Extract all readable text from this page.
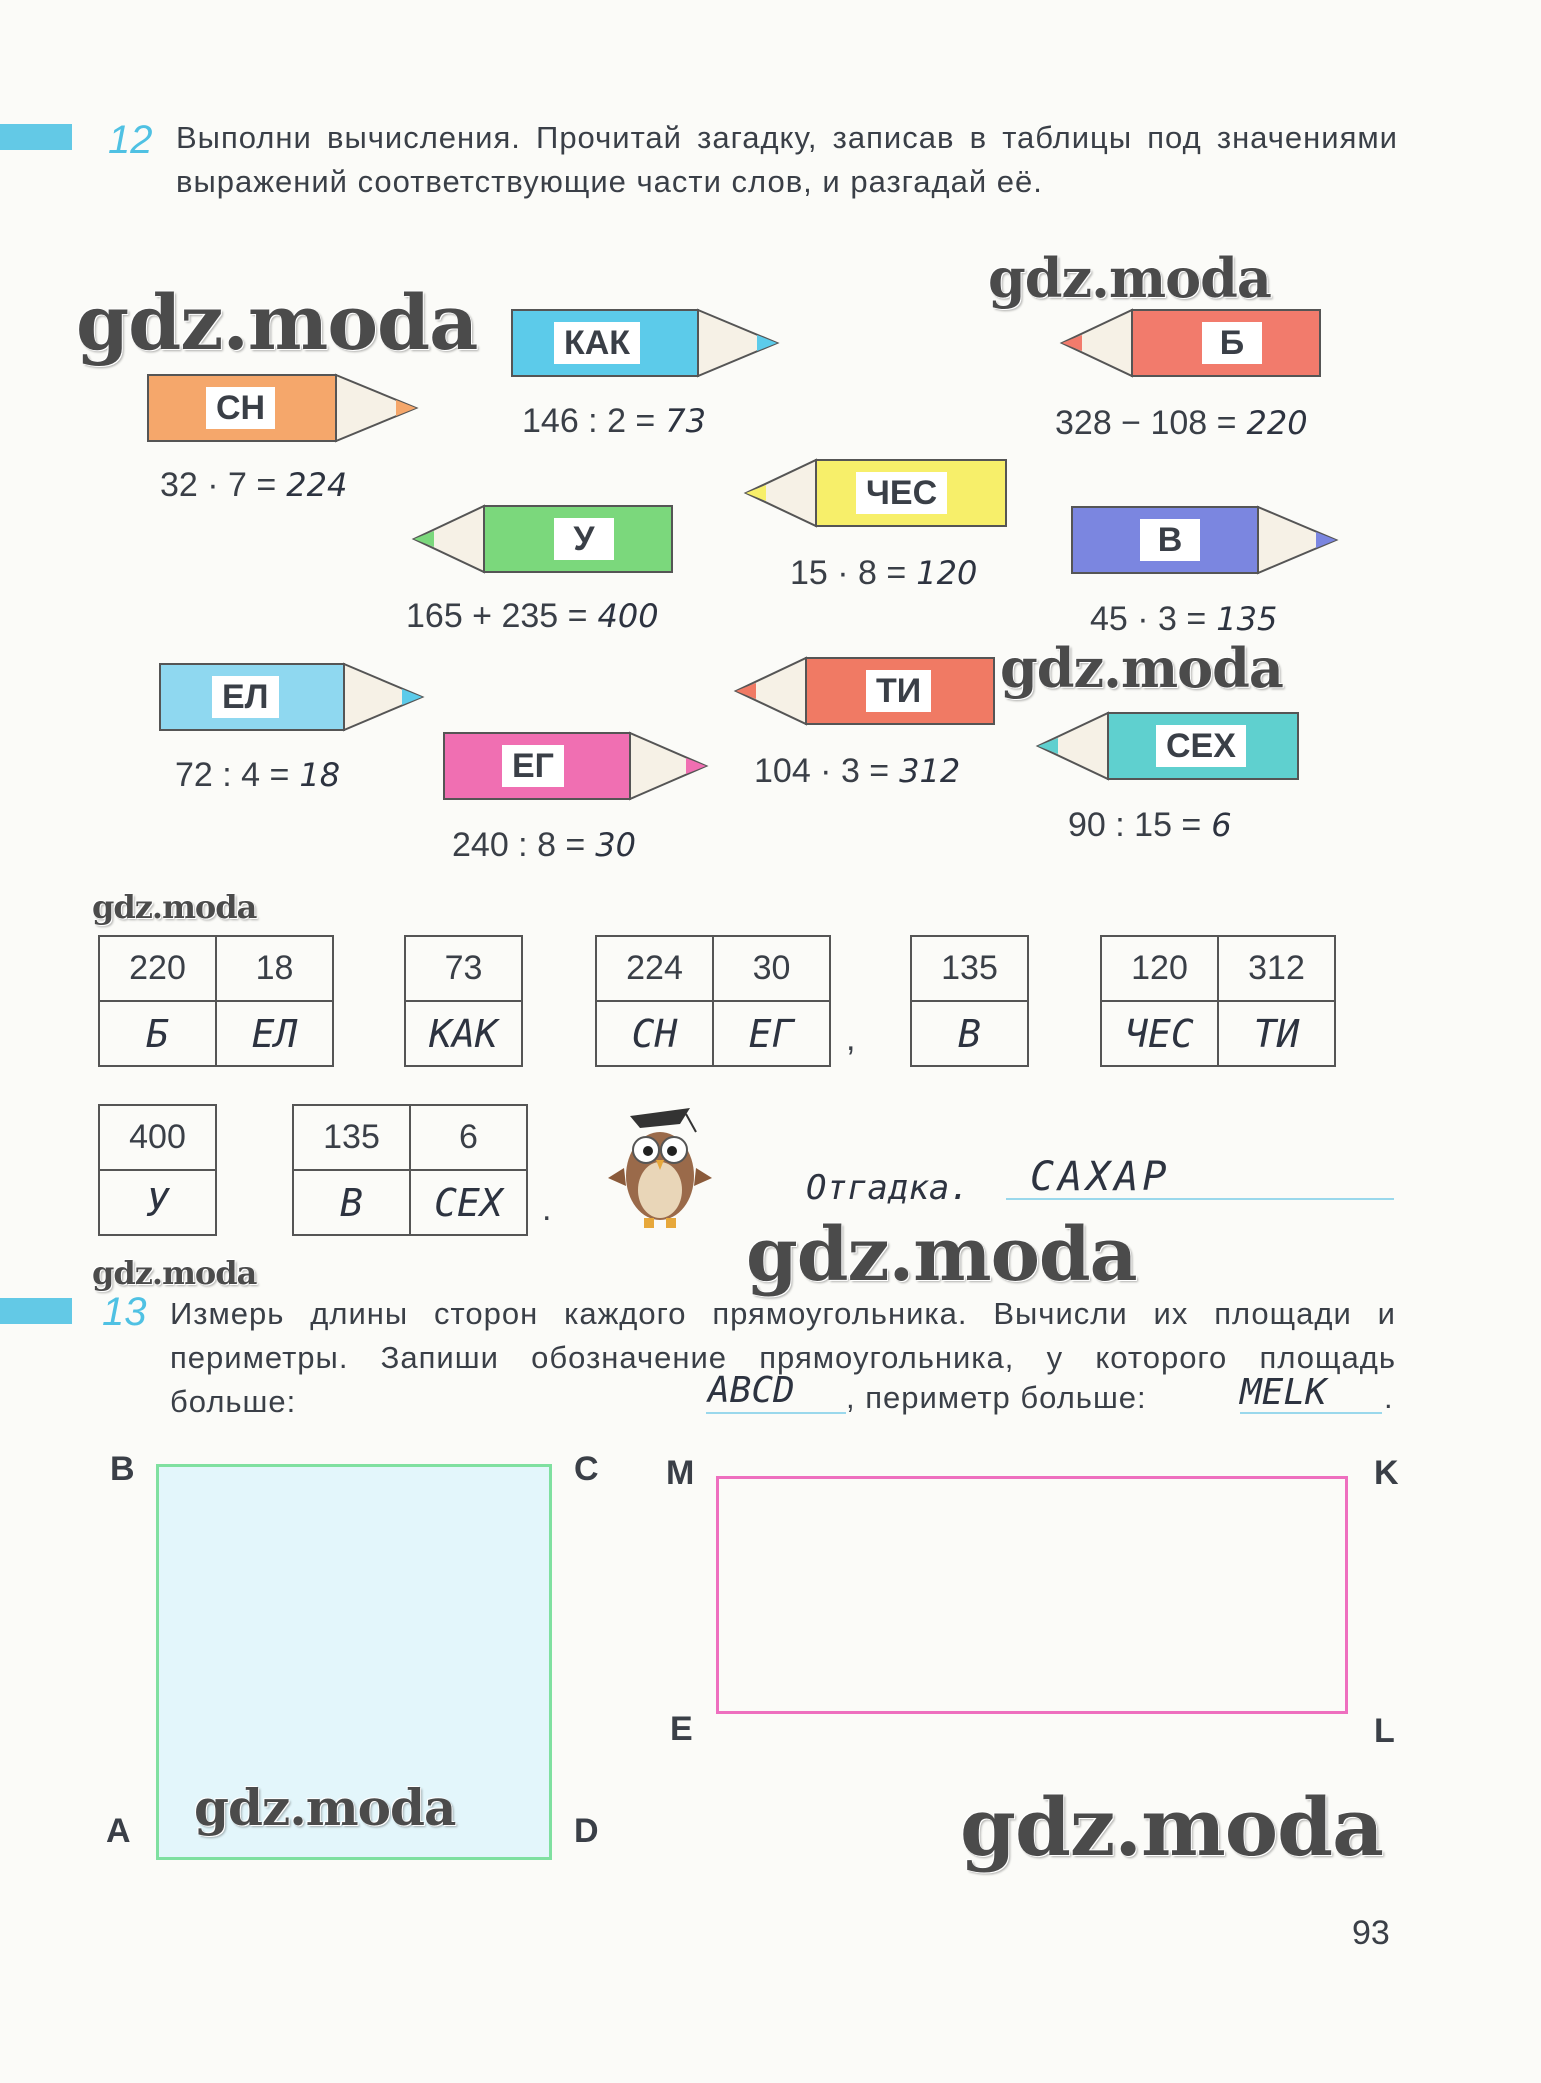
12 Выполни вычисления. Прочитай загадку, записав в таблицы под значениями выражений соответствующие части слов, и разгадай её.
КАК
146 : 2 = 73
Б
328 − 108 = 220
СН
32 · 7 = 224	ЧЕС
15 · 8 = 120
У
165 + 235 = 400
В
45 · 3 = 135
ЕЛ
72 : 4 = 18
ТИ
104 · 3 = 312
ЕГ
240 : 8 = 30
СЕХ
90 : 15 = 6
220	18
Б	ЕЛ
73
КАК
224	30
СН	ЕГ ,
135
В
120	312
ЧЕС	ТИ
400
У
135	6
В	СЕХ .
Отгадка. САХАР
13 Измерь длины сторон каждого прямоугольника. Вычисли их площади и периметры. Запиши обозначение прямоугольника, у которого площадь больше:	ABCD , периметр больше:	MELK .
B	C
A	D
M	K
E	L
gdz.moda	gdz.moda
gdz.moda
gdz.moda
gdz.moda
gdz.moda
gdz.moda	gdz.moda
93
